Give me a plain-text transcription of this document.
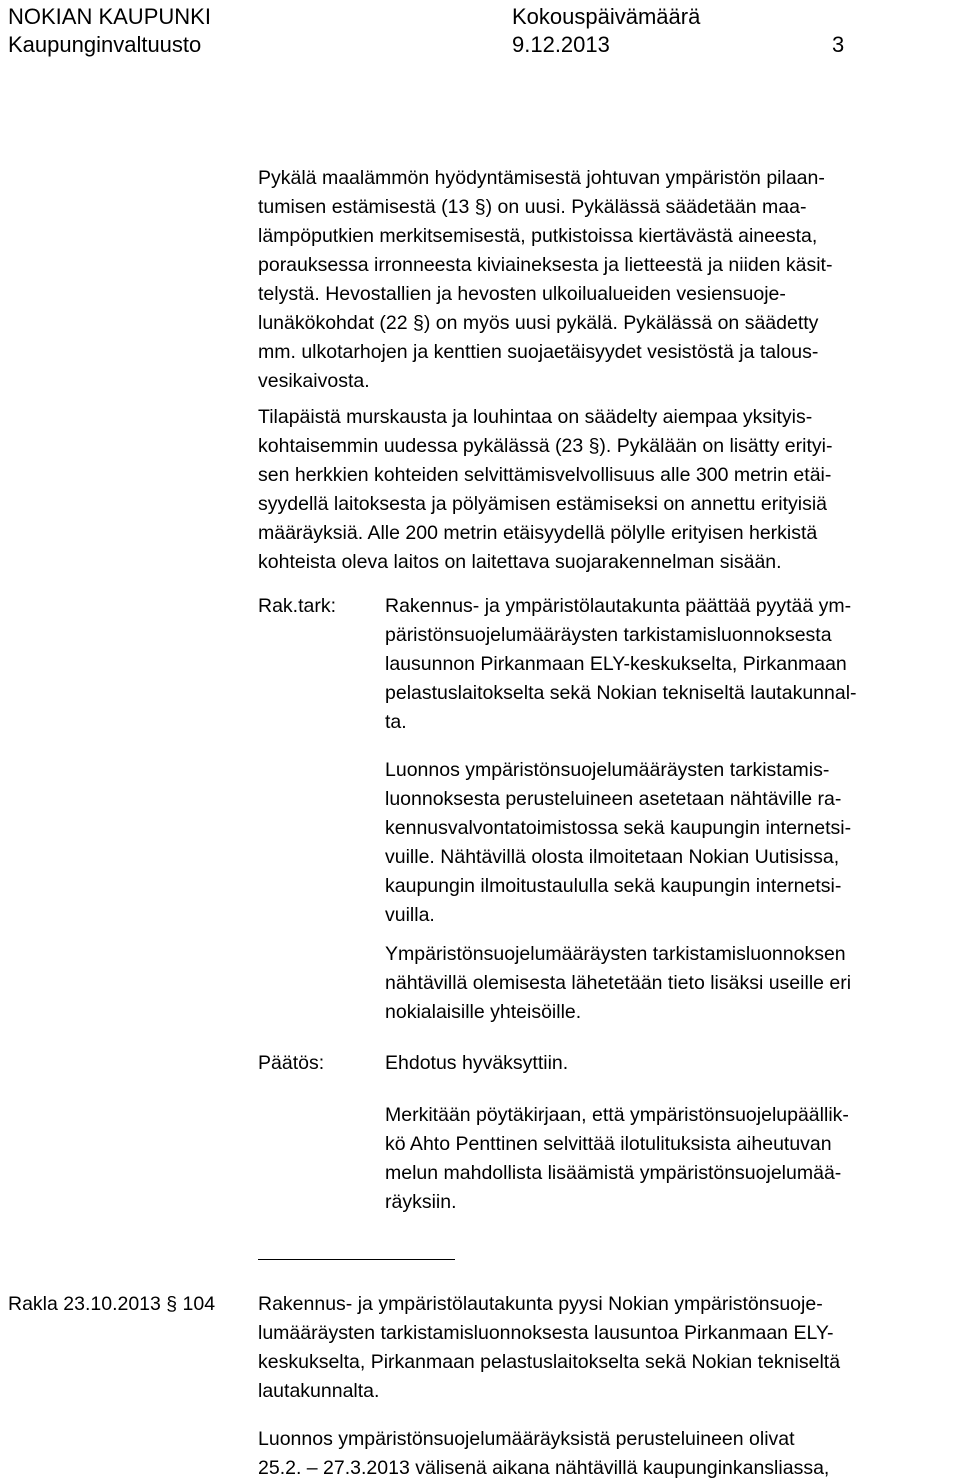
NOKIAN KAUPUNKI
Kaupunginvaltuusto
Kokouspäivämäärä
9.12.2013	3
Pykälä maalämmön hyödyntämisestä johtuvan ympäristön pilaan-
tumisen estämisestä (13 §) on uusi. Pykälässä säädetään maa-
lämpöputkien merkitsemisestä, putkistoissa kiertävästä aineesta,
porauksessa irronneesta kiviaineksesta ja lietteestä ja niiden käsit-
telystä. Hevostallien ja hevosten ulkoilualueiden vesiensuoje-
lunäkökohdat (22 §) on myös uusi pykälä. Pykälässä on säädetty
mm. ulkotarhojen ja kenttien suojaetäisyydet vesistöstä ja talous-
vesikaivosta.
Tilapäistä murskausta ja louhintaa on säädelty aiempaa yksityis-
kohtaisemmin uudessa pykälässä (23 §). Pykälään on lisätty erityi-
sen herkkien kohteiden selvittämisvelvollisuus alle 300 metrin etäi-
syydellä laitoksesta ja pölyämisen estämiseksi on annettu erityisiä
määräyksiä. Alle 200 metrin etäisyydellä pölylle erityisen herkistä
kohteista oleva laitos on laitettava suojarakennelman sisään.
Rak.tark:	Rakennus- ja ympäristölautakunta päättää pyytää ym-
päristönsuojelumääräysten tarkistamisluonnoksesta
lausunnon Pirkanmaan ELY-keskukselta, Pirkanmaan
pelastuslaitokselta sekä Nokian tekniseltä lautakunnal-
ta.
Luonnos ympäristönsuojelumääräysten tarkistamis-
luonnoksesta perusteluineen asetetaan nähtäville ra-
kennusvalvontatoimistossa sekä kaupungin internetsi-
vuille. Nähtävillä olosta ilmoitetaan Nokian Uutisissa,
kaupungin ilmoitustaululla sekä kaupungin internetsi-
vuilla.
Ympäristönsuojelumääräysten tarkistamisluonnoksen
nähtävillä olemisesta lähetetään tieto lisäksi useille eri
nokialaisille yhteisöille.
Päätös:	Ehdotus hyväksyttiin.
Merkitään pöytäkirjaan, että ympäristönsuojelupäällik-
kö Ahto Penttinen selvittää ilotulituksista aiheutuvan
melun mahdollista lisäämistä ympäristönsuojelumää-
räyksiin.
Rakla 23.10.2013 § 104 Rakennus- ja ympäristölautakunta pyysi Nokian ympäristönsuoje-
lumääräysten tarkistamisluonnoksesta lausuntoa Pirkanmaan ELY-
keskukselta, Pirkanmaan pelastuslaitokselta sekä Nokian tekniseltä
lautakunnalta.
Luonnos ympäristönsuojelumääräyksistä perusteluineen olivat
25.2. – 27.3.2013 välisenä aikana nähtävillä kaupunginkansliassa,
